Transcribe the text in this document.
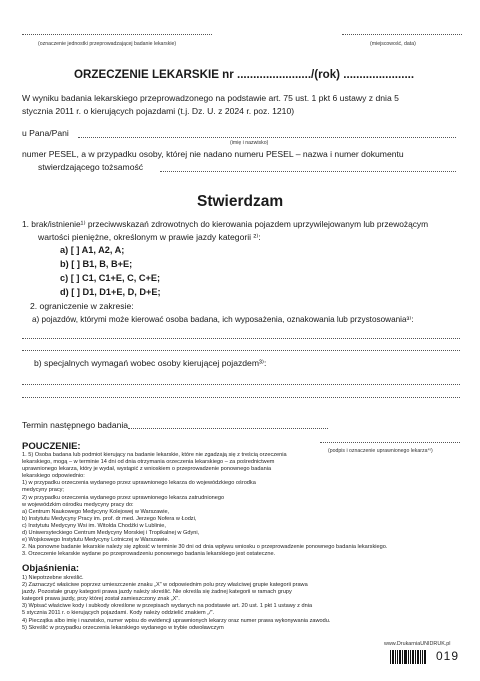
(oznaczenie jednostki przeprowadzającej badanie lekarskie)	(miejscowość, data)
ORZECZENIE LEKARSKIE nr ......................./(rok) ......................
W wyniku badania lekarskiego przeprowadzonego na podstawie art. 75 ust. 1 pkt 6 ustawy z dnia 5
stycznia 2011 r. o kierujących pojazdami (t.j. Dz. U. z 2024 r. poz. 1210)
u Pana/Pani
(imię i nazwisko)
numer PESEL, a w przypadku osoby, której nie nadano numeru PESEL – nazwa i numer dokumentu
stwierdzającego tożsamość
Stwierdzam
1. brak/istnienie¹⁾ przeciwwskazań zdrowotnych do kierowania pojazdem uprzywilejowanym lub przewożącym
wartości pieniężne, określonym w prawie jazdy kategorii ²⁾:
a) [ ] A1, A2, A;
b) [ ] B1, B, B+E;
c) [ ] C1, C1+E, C, C+E;
d) [ ] D1, D1+E, D, D+E;
2. ograniczenie w zakresie:
a) pojazdów, którymi może kierować osoba badana, ich wyposażenia, oznakowania lub przystosowania³⁾:
b) specjalnych wymagań wobec osoby kierującej pojazdem³⁾:
Termin następnego badania
(podpis i oznaczenie uprawnionego lekarza⁴⁾)
POUCZENIE:
1. 5) Osoba badana lub podmiot kierujący na badanie lekarskie, które nie zgadzają się z treścią orzeczenia
lekarskiego, mogą – w terminie 14 dni od dnia otrzymania orzeczenia lekarskiego – za pośrednictwem
uprawnionego lekarza, który je wydał, wystąpić z wnioskiem o przeprowadzenie ponownego badania
lekarskiego odpowiednio:
1) w przypadku orzeczenia wydanego przez uprawnionego lekarza do wojewódzkiego ośrodka
medycyny pracy;
2) w przypadku orzeczenia wydanego przez uprawnionego lekarza zatrudnionego
w wojewódzkim ośrodku medycyny pracy do:
a) Centrum Naukowego Medycyny Kolejowej w Warszawie,
b) Instytutu Medycyny Pracy im. prof. dr med. Jerzego Nofera w Łodzi,
c) Instytutu Medycyny Wsi im. Witolda Chodźki w Lublinie,
d) Uniwersyteckiego Centrum Medycyny Morskiej i Tropikalnej w Gdyni,
e) Wojskowego Instytutu Medycyny Lotniczej w Warszawie.
2. Na ponowne badanie lekarskie należy się zgłosić w terminie 30 dni od dnia wpływu wniosku o przeprowadzenie ponownego badania lekarskiego.
3. Orzeczenie lekarskie wydane po przeprowadzeniu ponownego badania lekarskiego jest ostateczne.
Objaśnienia:
1) Niepotrzebne skreślić.
2) Zaznaczyć właściwe poprzez umieszczenie znaku „X” w odpowiednim polu przy właściwej grupie kategorii prawa
jazdy. Pozostałe grupy kategorii prawa jazdy należy skreślić. Nie określa się żadnej kategorii w ramach grupy
kategorii prawa jazdy, przy której został zamieszczony znak „X”.
3) Wpisać właściwe kody i subkody określone w przepisach wydanych na podstawie art. 20 ust. 1 pkt 1 ustawy z dnia
5 stycznia 2011 r. o kierujących pojazdami. Kody należy oddzielić znakiem „/”.
4) Pieczątka albo imię i nazwisko, numer wpisu do ewidencji uprawnionych lekarzy oraz numer prawa wykonywania zawodu.
5) Skreślić w przypadku orzeczenia lekarskiego wydanego w trybie odwoławczym
www.DrukarniaUNIDRUK.pl
019
